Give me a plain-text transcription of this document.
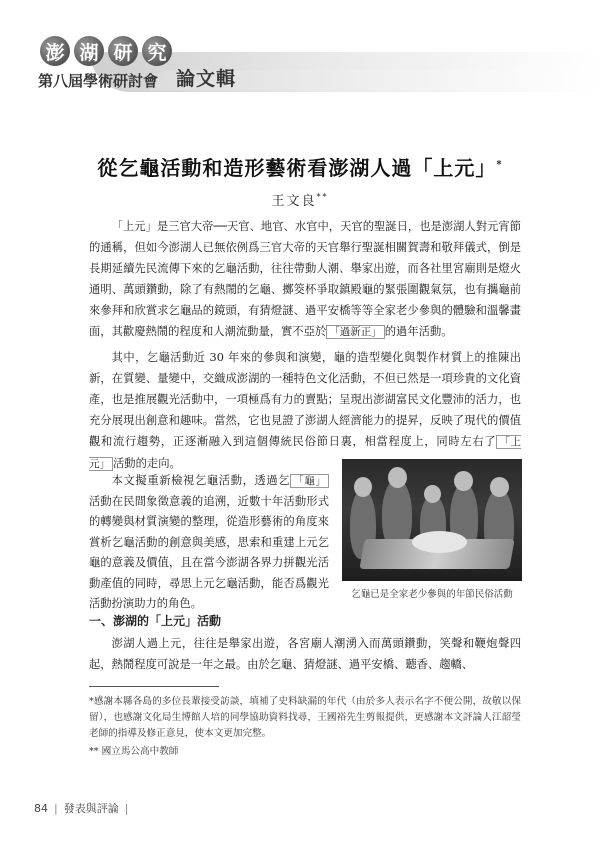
澎 湖 研 究
第八屆學術研討會 論文輯
從乞龜活動和造形藝術看澎湖人過「上元」*
王文良**

「上元」是三官大帝──天官、地官、水官中，天官的聖誕日，也是澎湖人對元宵節的通稱，但如今澎湖人已無依例爲三官大帝的天官舉行聖誕相關賀壽和敬拜儀式，倒是長期延續先民流傳下來的乞龜活動，往往帶動人潮、舉家出遊，而各社里宮廟則是燈火通明、萬頭鑽動，除了有熱鬧的乞龜、擲筊杯爭取鎮殿龜的緊張圍觀氣氛，也有攜龜前來參拜和欣賞求乞龜品的鏡頭，有猜燈謎、過平安橋等等全家老少參與的體驗和溫馨畫面，其歡慶熱鬧的程度和人潮流動量，實不亞於 「過新正」 的過年活動。

其中，乞龜活動近 30 年來的參與和演變，龜的造型變化與製作材質上的推陳出新，在質變、量變中，交織成澎湖的一種特色文化活動，不但已然是一項珍貴的文化資產，也是推展觀光活動中，一項極爲有力的賣點；呈現出澎湖富民文化豐沛的活力，也充分展現出創意和趣味。當然，它也見證了澎湖人經濟能力的提昇，反映了現代的價值觀和流行趨勢，正逐漸融入到這個傳統民俗節日裏，相當程度上，同時左右了 「上元」 活動的走向。

本文擬重新檢視乞龜活動，透過乞 「龜」活動在民間象徵意義的追溯，近數十年活動形式的轉變與材質演變的整理，從造形藝術的角度來賞析乞龜活動的創意與美感，思索和重建上元乞龜的意義及價值，且在當今澎湖各界力拼觀光活動產值的同時，尋思上元乞龜活動，能否爲觀光活動扮演助力的角色。

乞龜已是全家老少參與的年節民俗活動
一、澎湖的「上元」活動

澎湖人過上元，往往是舉家出遊，各宮廟人潮湧入而萬頭鑽動，笑聲和鞭炮聲四起，熱鬧程度可說是一年之最。由於乞龜、猜燈謎、過平安橋、聽香、趨轎、

*感謝本縣各島的多位長輩接受訪談，填補了史料缺漏的年代（由於多人表示名字不便公開，故敬以保留），也感謝文化局生博館人培的同學協助資料找尋，王國裕先生剪報提供，更感謝本文評論人江韶瑩老師的指導及修正意見，使本文更加完整。

** 國立馬公高中教師

84 | 發表與評論 |
